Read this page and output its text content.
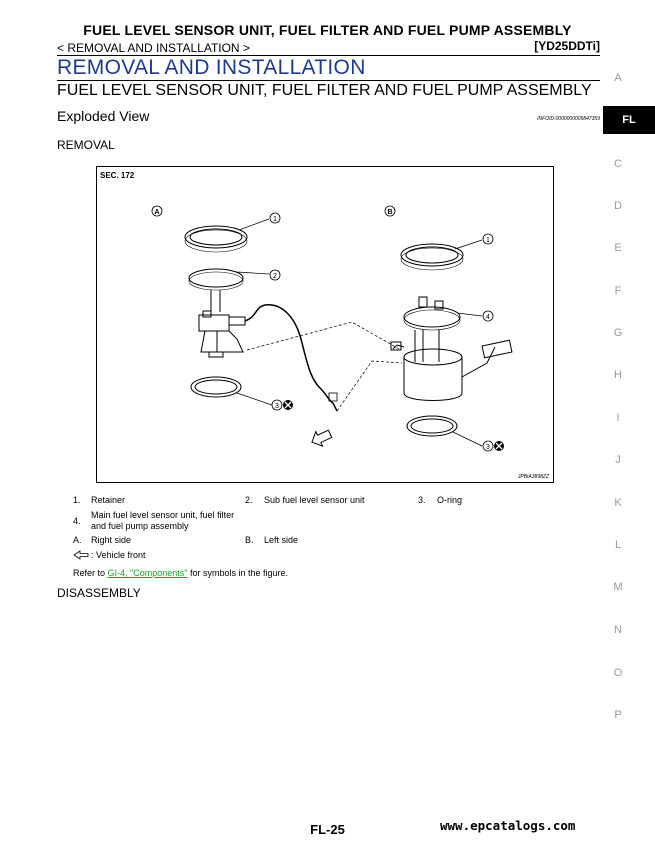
FUEL LEVEL SENSOR UNIT, FUEL FILTER AND FUEL PUMP ASSEMBLY
< REMOVAL AND INSTALLATION >	[YD25DDTi]
REMOVAL AND INSTALLATION
FUEL LEVEL SENSOR UNIT, FUEL FILTER AND FUEL PUMP ASSEMBLY
Exploded View	INFOID:0000000005847359
REMOVAL
SEC. 172
A	B
1
2
3
1
4
3
JPBIA3898ZZ
1. Retainer	2. Sub fuel level sensor unit	3. O-ring
4.
Main fuel level sensor unit, fuel filter
and fuel pump assembly
A. Right side	B. Left side
: Vehicle front
Refer to GI-4, "Components" for symbols in the figure.
DISASSEMBLY
A
FL
C
D
E
F
G
H
I
J
K
L
M
N
O
P
FL-25	www.epcatalogs.com
